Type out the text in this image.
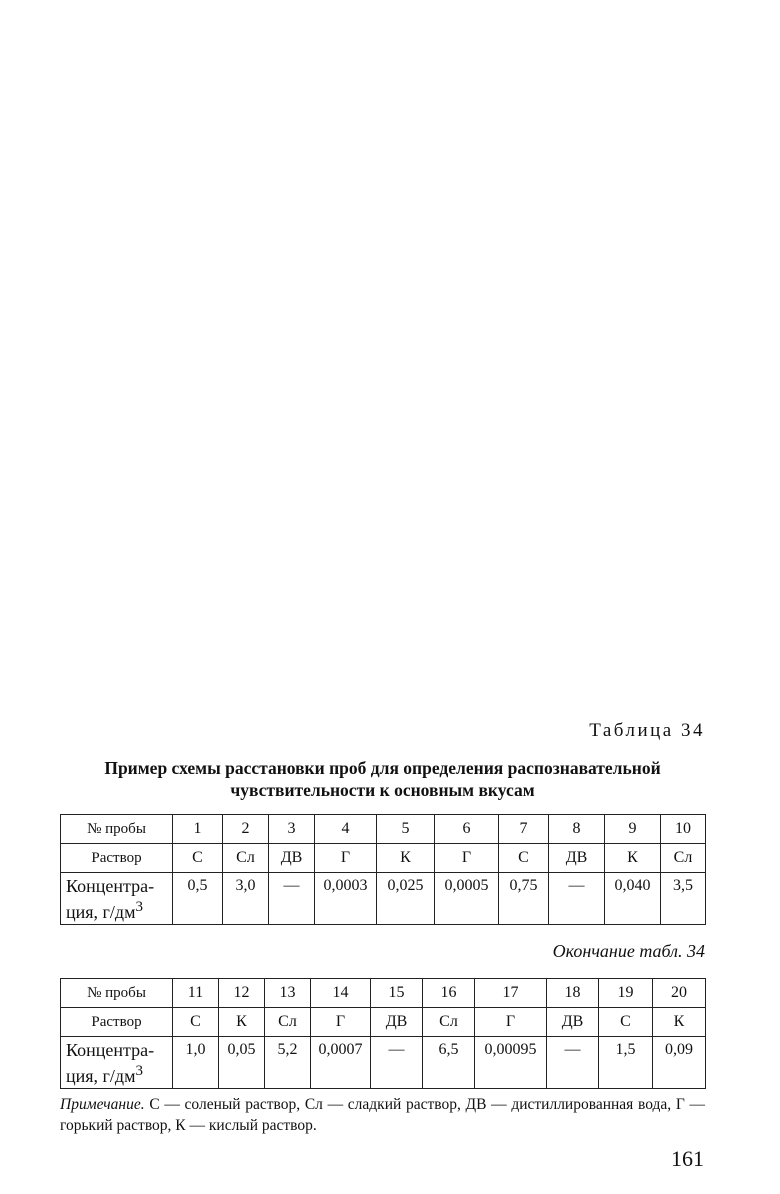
Таблица 34
Пример схемы расстановки проб для определения распознавательной чувствительности к основным вкусам
№ пробы	1	2	3	4	5	6	7	8	9	10
Раствор	С	Сл	ДВ	Г	К	Г	С	ДВ	К	Сл
Концентра-
ция, $г/дм^3$	0,5	3,0	—	0,0003	0,025	0,0005	0,75	—	0,040	3,5
Окончание табл. 34
№ пробы	11	12	13	14	15	16	17	18	19	20
Раствор	С	К	Сл	Г	ДВ	Сл	Г	ДВ	С	К
Концентра-
ция, $г/дм^3$	1,0	0,05	5,2	0,0007	—	6,5	0,00095	—	1,5	0,09
Примечание. С — соленый раствор, Сл — сладкий раствор, ДВ — дистиллированная вода, Г — горький раствор, К — кислый раствор.
161
